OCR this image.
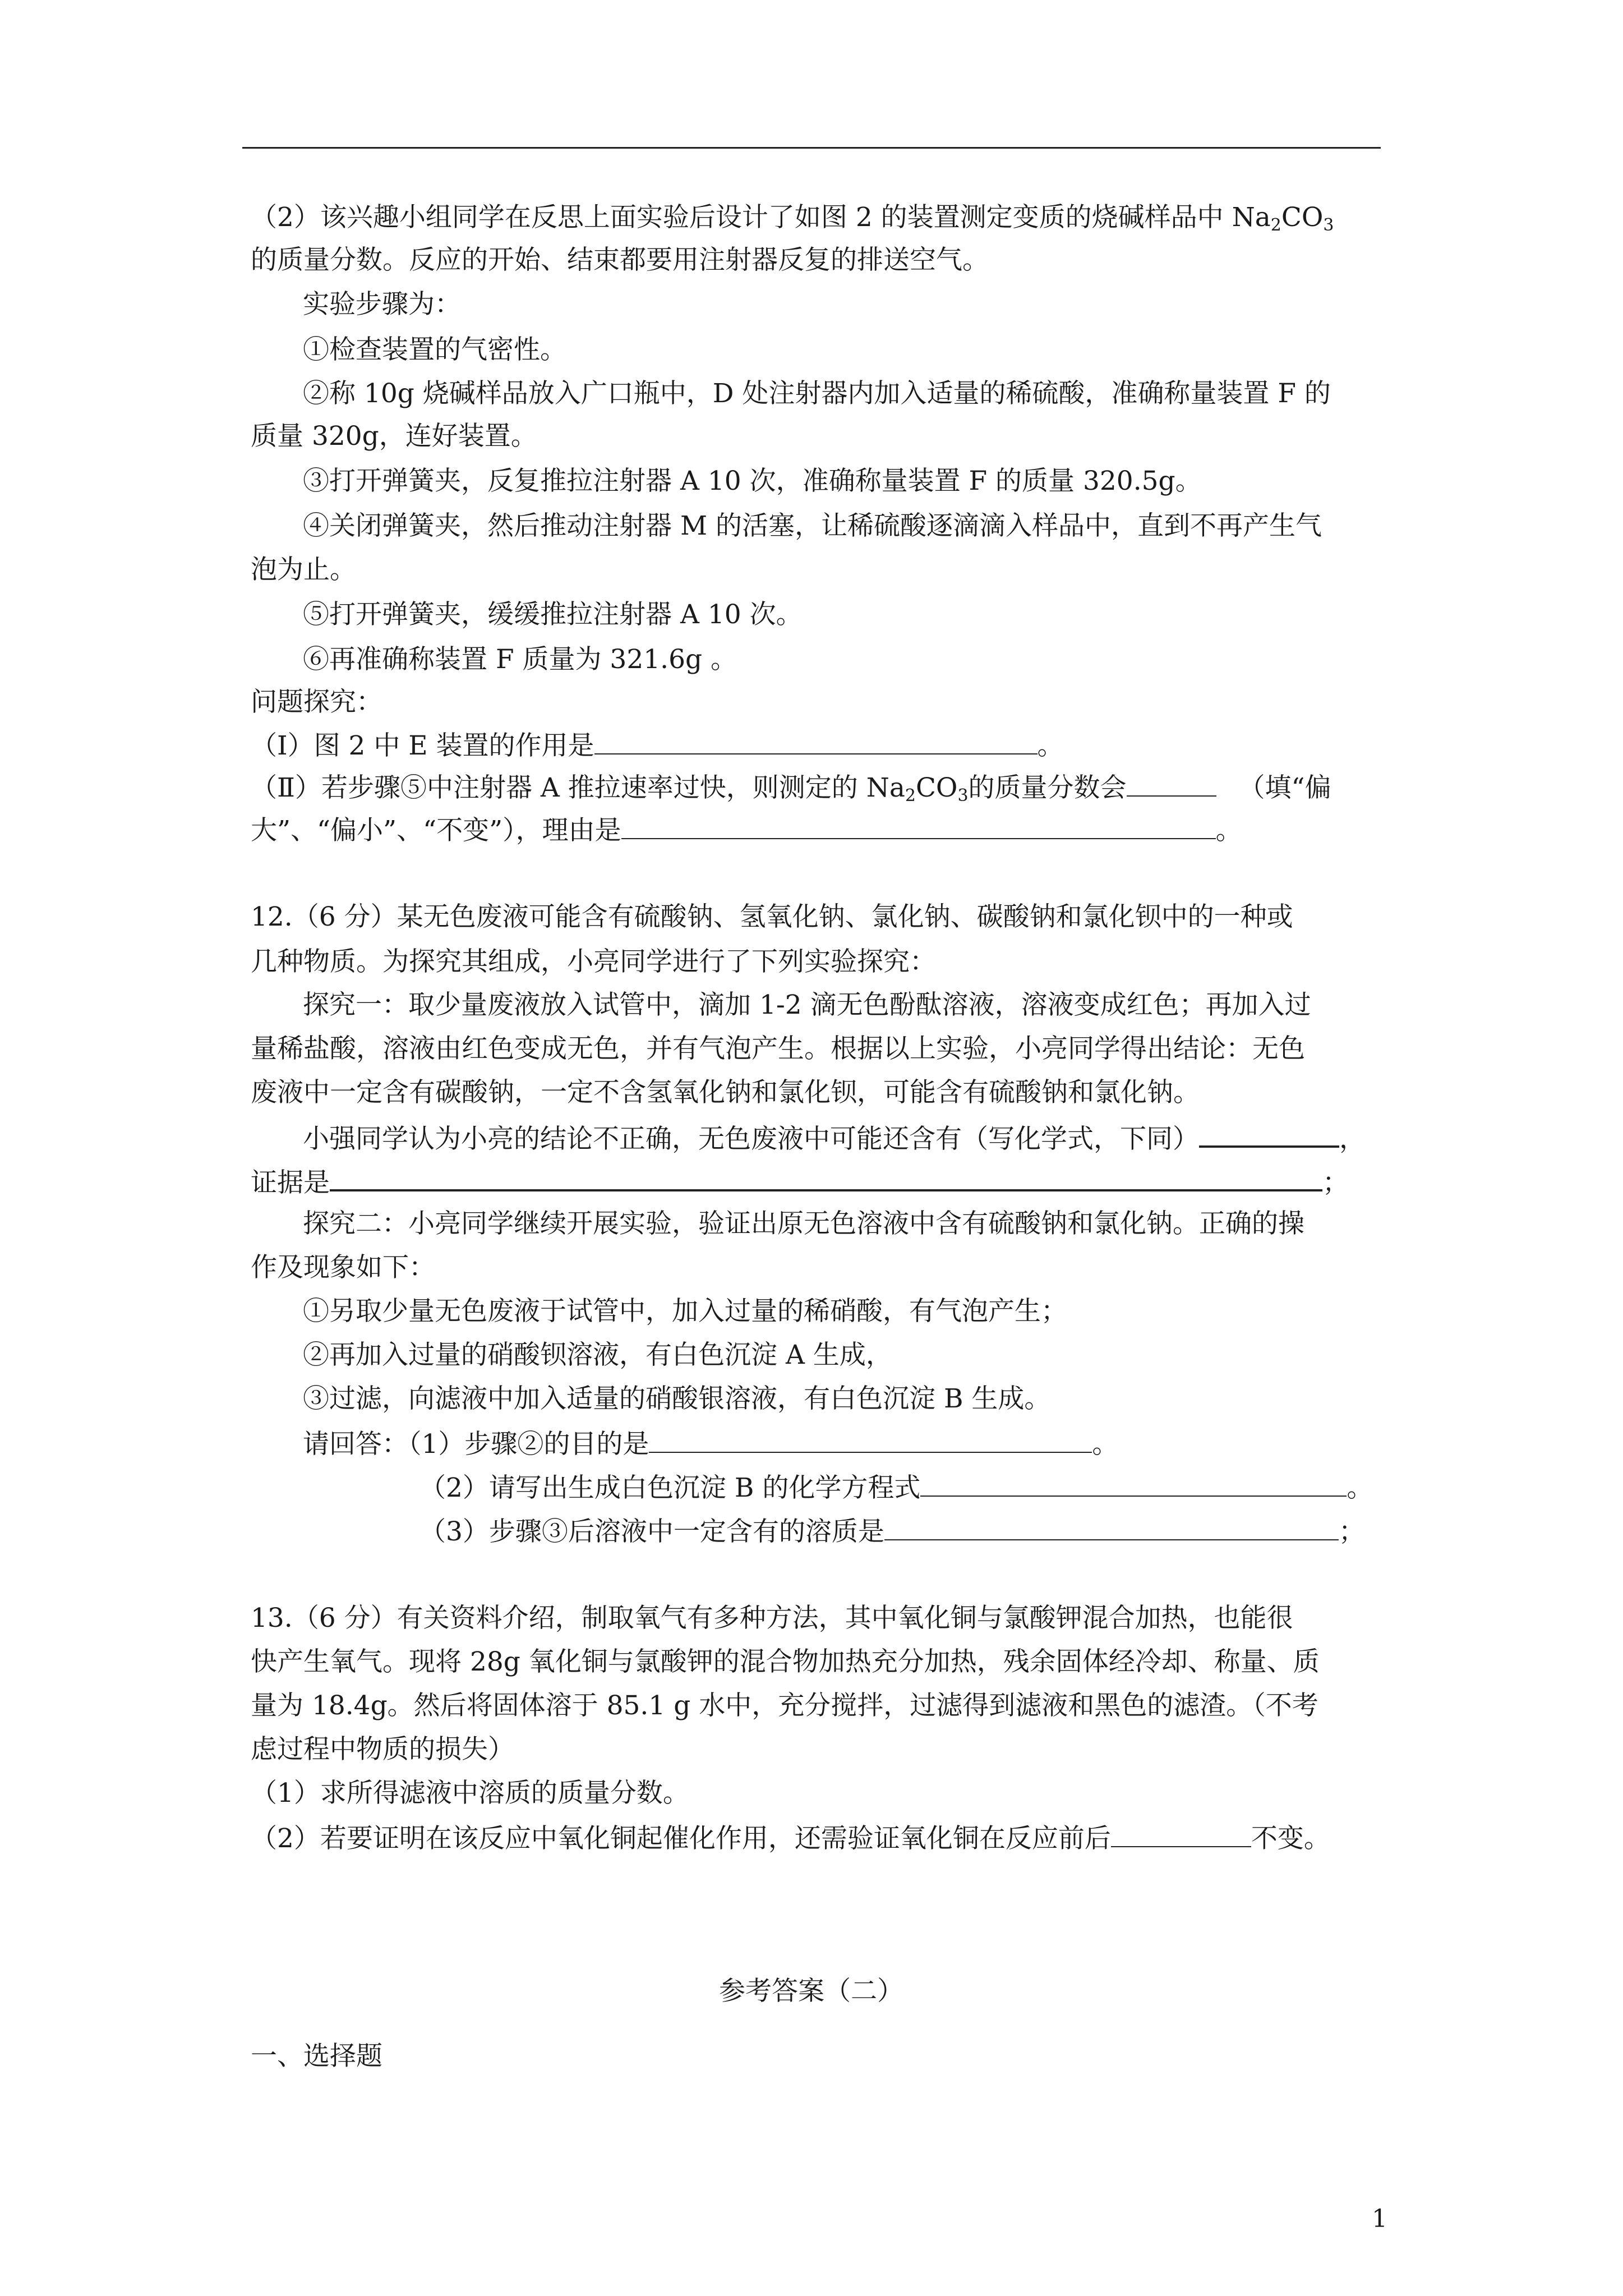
（2）该兴趣小组同学在反思上面实验后设计了如图 2 的装置测定变质的烧碱样品中 $Na_2CO_3$
的质量分数。反应的开始、结束都要用注射器反复的排送空气。
实验步骤为：
①检查装置的气密性。
②称 10g 烧碱样品放入广口瓶中，D 处注射器内加入适量的稀硫酸，准确称量装置 F 的
质量 320g，连好装置。
③打开弹簧夹，反复推拉注射器 A 10 次，准确称量装置 F 的质量 320.5g。
④关闭弹簧夹，然后推动注射器 M 的活塞，让稀硫酸逐滴滴入样品中，直到不再产生气
泡为止。
⑤打开弹簧夹，缓缓推拉注射器 A 10 次。
⑥再准确称装置 F 质量为 321.6g 。
问题探究：
（Ⅰ）图 2 中 E 装置的作用是	。
（Ⅱ）若步骤⑤中注射器 A 推拉速率过快，则测定的 $Na_2CO_3$的质量分数会	（填“偏
大”、“偏小”、“不变”），理由是	。
12.（6 分）某无色废液可能含有硫酸钠、氢氧化钠、氯化钠、碳酸钠和氯化钡中的一种或
几种物质。为探究其组成，小亮同学进行了下列实验探究：
探究一：取少量废液放入试管中，滴加 1-2 滴无色酚酞溶液，溶液变成红色；再加入过
量稀盐酸，溶液由红色变成无色，并有气泡产生。根据以上实验，小亮同学得出结论：无色
废液中一定含有碳酸钠，一定不含氢氧化钠和氯化钡，可能含有硫酸钠和氯化钠。
小强同学认为小亮的结论不正确，无色废液中可能还含有（写化学式，下同）	，
证据是	；
探究二：小亮同学继续开展实验，验证出原无色溶液中含有硫酸钠和氯化钠。正确的操
作及现象如下：
①另取少量无色废液于试管中，加入过量的稀硝酸，有气泡产生；
②再加入过量的硝酸钡溶液，有白色沉淀 A 生成，
③过滤，向滤液中加入适量的硝酸银溶液，有白色沉淀 B 生成。
请回答：（1）步骤②的目的是	。
（2）请写出生成白色沉淀 B 的化学方程式	。
（3）步骤③后溶液中一定含有的溶质是	；
13.（6 分）有关资料介绍，制取氧气有多种方法，其中氧化铜与氯酸钾混合加热，也能很
快产生氧气。现将 28g 氧化铜与氯酸钾的混合物加热充分加热，残余固体经冷却、称量、质
量为 18.4g。然后将固体溶于 85.1 g 水中，充分搅拌，过滤得到滤液和黑色的滤渣。（不考
虑过程中物质的损失）
（1）求所得滤液中溶质的质量分数。
（2）若要证明在该反应中氧化铜起催化作用，还需验证氧化铜在反应前后	不变。
参考答案（二）
一、选择题
1
